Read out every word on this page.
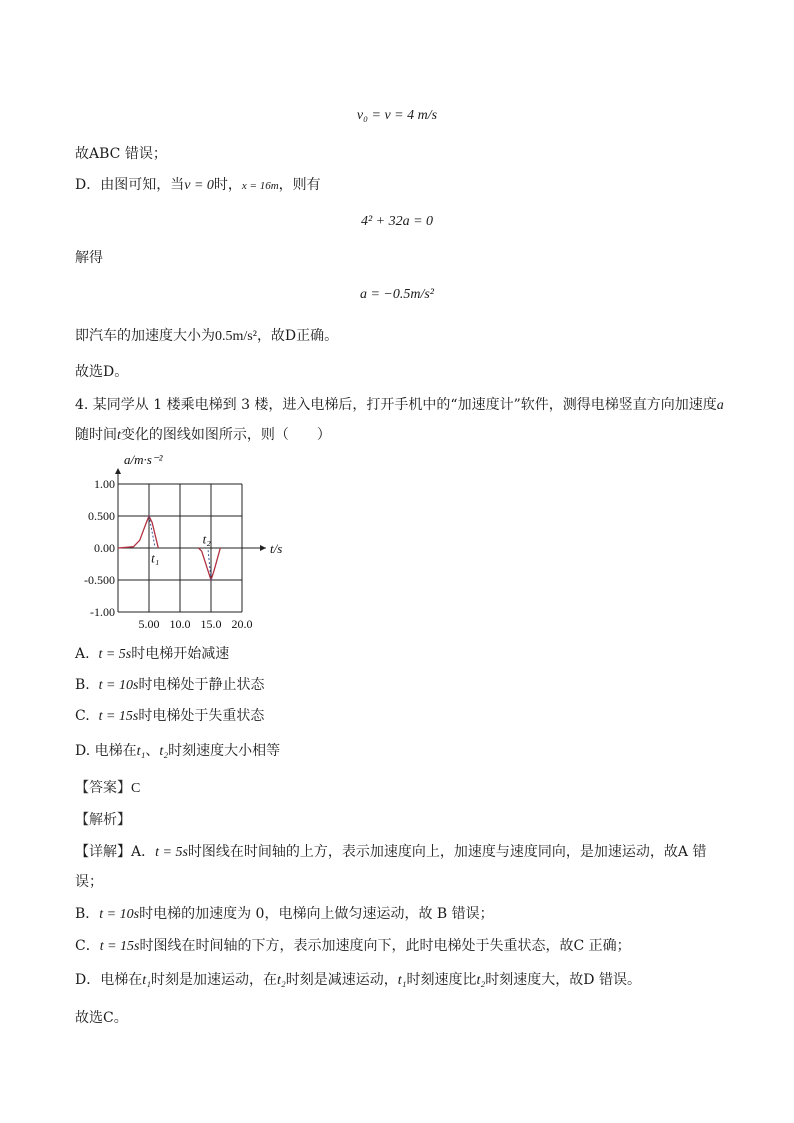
v₀ = v = 4 m/s
故ABC 错误；
D．由图可知，当v = 0时，x = 16m，则有
4² + 32a = 0
解得
a = −0.5m/s²
即汽车的加速度大小为0.5m/s²，故D正确。
故选D。
4. 某同学从 1 楼乘电梯到 3 楼，进入电梯后，打开手机中的“加速度计”软件，测得电梯竖直方向加速度a
随时间t变化的图线如图所示，则（　　）
1.00
0.500
0.00
-0.500
-1.00
5.00 10.0 15.0 20.0
t₁
t₂
a/m·s⁻²
t/s
A. t = 5s时电梯开始减速
B. t = 10s时电梯处于静止状态
C. t = 15s时电梯处于失重状态
D. 电梯在t₁、t₂时刻速度大小相等
【答案】C
【解析】
【详解】A．t = 5s时图线在时间轴的上方，表示加速度向上，加速度与速度同向，是加速运动，故A 错
误；
B．t = 10s时电梯的加速度为 0，电梯向上做匀速运动，故 B 错误；
C．t = 15s时图线在时间轴的下方，表示加速度向下，此时电梯处于失重状态，故C 正确；
D．电梯在t₁时刻是加速运动，在t₂时刻是减速运动，t₁时刻速度比t₂时刻速度大，故D 错误。
故选C。
